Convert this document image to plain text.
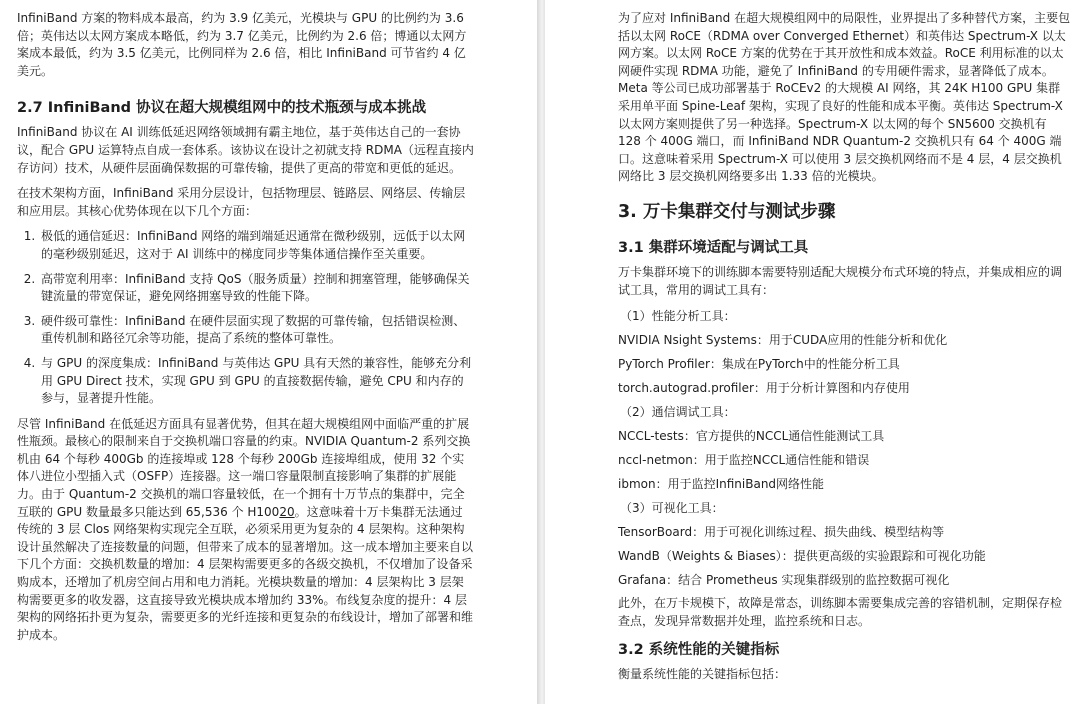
InfiniBand 方案的物料成本最高，约为 3.9 亿美元，光模块与 GPU 的比例约为 3.6 倍；英伟达以太网方案成本略低，约为 3.7 亿美元，比例约为 2.6 倍；博通以太网方案成本最低，约为 3.5 亿美元，比例同样为 2.6 倍，相比 InfiniBand 可节省约 4 亿美元。

2.7 InfiniBand 协议在超大规模组网中的技术瓶颈与成本挑战

InfiniBand 协议在 AI 训练低延迟网络领域拥有霸主地位，基于英伟达自己的一套协议，配合 GPU 运算特点自成一套体系。该协议在设计之初就支持 RDMA（远程直接内存访问）技术，从硬件层面确保数据的可靠传输，提供了更高的带宽和更低的延迟。

在技术架构方面，InfiniBand 采用分层设计，包括物理层、链路层、网络层、传输层和应用层。其核心优势体现在以下几个方面：

1. 极低的通信延迟：InfiniBand 网络的端到端延迟通常在微秒级别，远低于以太网的毫秒级别延迟，这对于 AI 训练中的梯度同步等集体通信操作至关重要。
2. 高带宽利用率：InfiniBand 支持 QoS（服务质量）控制和拥塞管理，能够确保关键流量的带宽保证，避免网络拥塞导致的性能下降。
3. 硬件级可靠性：InfiniBand 在硬件层面实现了数据的可靠传输，包括错误检测、重传机制和路径冗余等功能，提高了系统的整体可靠性。
4. 与 GPU 的深度集成：InfiniBand 与英伟达 GPU 具有天然的兼容性，能够充分利用 GPU Direct 技术，实现 GPU 到 GPU 的直接数据传输，避免 CPU 和内存的参与，显著提升性能。

尽管 InfiniBand 在低延迟方面具有显著优势，但其在超大规模组网中面临严重的扩展性瓶颈。最核心的限制来自于交换机端口容量的约束。NVIDIA Quantum-2 系列交换机由 64 个每秒 400Gb 的连接埠或 128 个每秒 200Gb 连接埠组成，使用 32 个实体八进位小型插入式（OSFP）连接器。这一端口容量限制直接影响了集群的扩展能力。由于 Quantum-2 交换机的端口容量较低，在一个拥有十万节点的集群中，完全互联的 GPU 数量最多只能达到 65,536 个 H10020。这意味着十万卡集群无法通过传统的 3 层 Clos 网络架构实现完全互联，必须采用更为复杂的 4 层架构。这种架构设计虽然解决了连接数量的问题，但带来了成本的显著增加。这一成本增加主要来自以下几个方面：交换机数量的增加：4 层架构需要更多的各级交换机，不仅增加了设备采购成本，还增加了机房空间占用和电力消耗。光模块数量的增加：4 层架构比 3 层架构需要更多的收发器，这直接导致光模块成本增加约 33%。布线复杂度的提升：4 层架构的网络拓扑更为复杂，需要更多的光纤连接和更复杂的布线设计，增加了部署和维护成本。

为了应对 InfiniBand 在超大规模组网中的局限性，业界提出了多种替代方案，主要包括以太网 RoCE（RDMA over Converged Ethernet）和英伟达 Spectrum-X 以太网方案。以太网 RoCE 方案的优势在于其开放性和成本效益。RoCE 利用标准的以太网硬件实现 RDMA 功能，避免了 InfiniBand 的专用硬件需求，显著降低了成本。Meta 等公司已成功部署基于 RoCEv2 的大规模 AI 网络，其 24K H100 GPU 集群采用单平面 Spine-Leaf 架构，实现了良好的性能和成本平衡。英伟达 Spectrum-X 以太网方案则提供了另一种选择。Spectrum-X 以太网的每个 SN5600 交换机有 128 个 400G 端口，而 InfiniBand NDR Quantum-2 交换机只有 64 个 400G 端口。这意味着采用 Spectrum-X 可以使用 3 层交换机网络而不是 4 层，4 层交换机网络比 3 层交换机网络要多出 1.33 倍的光模块。

3. 万卡集群交付与测试步骤
3.1 集群环境适配与调试工具

万卡集群环境下的训练脚本需要特别适配大规模分布式环境的特点，并集成相应的调试工具，常用的调试工具有：

（1）性能分析工具：
NVIDIA Nsight Systems：用于CUDA应用的性能分析和优化
PyTorch Profiler：集成在PyTorch中的性能分析工具
torch.autograd.profiler：用于分析计算图和内存使用
（2）通信调试工具：
NCCL-tests：官方提供的NCCL通信性能测试工具
nccl-netmon：用于监控NCCL通信性能和错误
ibmon：用于监控InfiniBand网络性能
（3）可视化工具：
TensorBoard：用于可视化训练过程、损失曲线、模型结构等
WandB（Weights & Biases）：提供更高级的实验跟踪和可视化功能
Grafana：结合 Prometheus 实现集群级别的监控数据可视化

此外，在万卡规模下，故障是常态，训练脚本需要集成完善的容错机制，定期保存检查点，发现异常数据并处理，监控系统和日志。

3.2 系统性能的关键指标

衡量系统性能的关键指标包括：
